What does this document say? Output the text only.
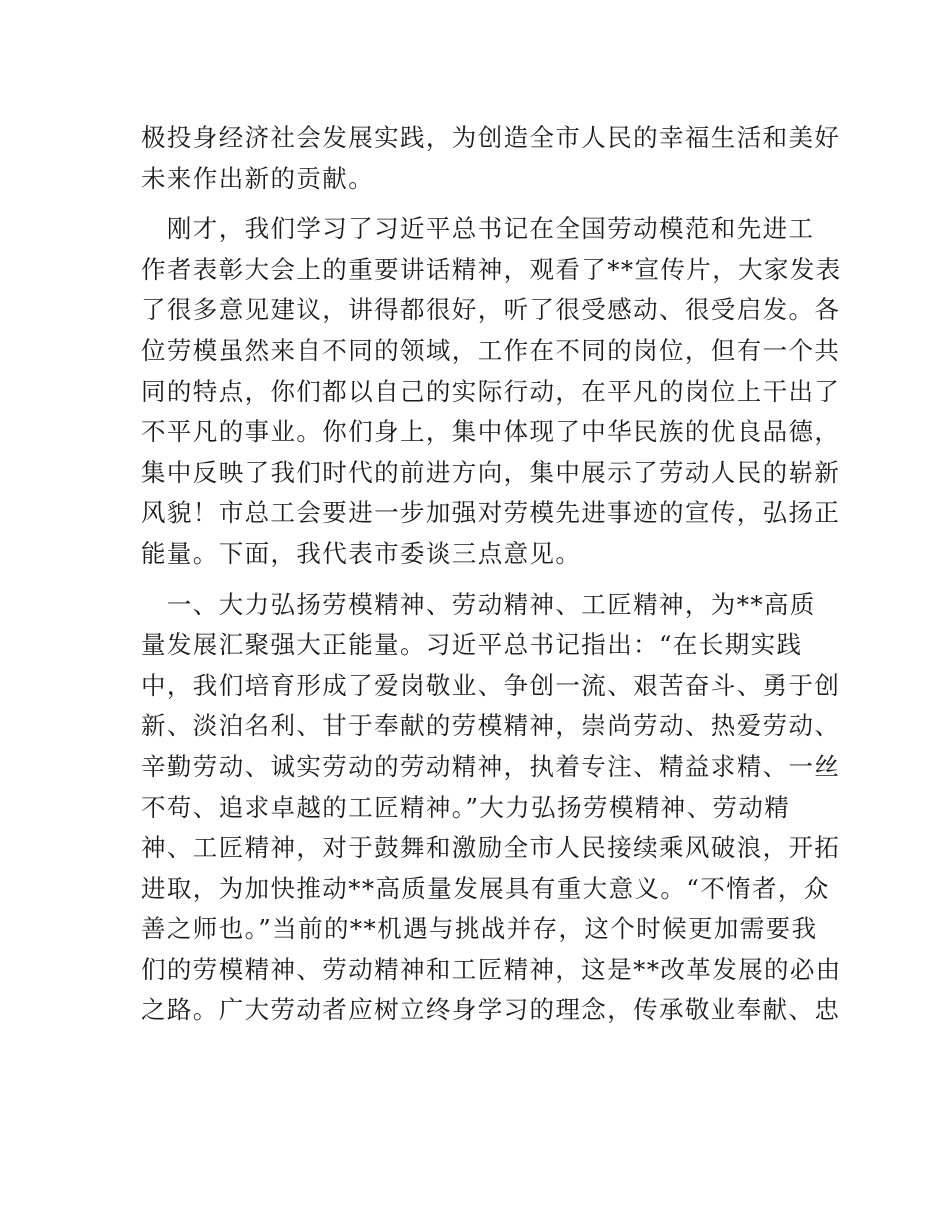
极投身经济社会发展实践，为创造全市人民的幸福生活和美好
未来作出新的贡献。
　刚才，我们学习了习近平总书记在全国劳动模范和先进工
作者表彰大会上的重要讲话精神，观看了**宣传片，大家发表
了很多意见建议，讲得都很好，听了很受感动、很受启发。各
位劳模虽然来自不同的领域，工作在不同的岗位，但有一个共
同的特点，你们都以自己的实际行动，在平凡的岗位上干出了
不平凡的事业。你们身上，集中体现了中华民族的优良品德，
集中反映了我们时代的前进方向，集中展示了劳动人民的崭新
风貌！市总工会要进一步加强对劳模先进事迹的宣传，弘扬正
能量。下面，我代表市委谈三点意见。
　一、大力弘扬劳模精神、劳动精神、工匠精神，为**高质
量发展汇聚强大正能量。习近平总书记指出：“在长期实践
中，我们培育形成了爱岗敬业、争创一流、艰苦奋斗、勇于创
新、淡泊名利、甘于奉献的劳模精神，崇尚劳动、热爱劳动、
辛勤劳动、诚实劳动的劳动精神，执着专注、精益求精、一丝
不苟、追求卓越的工匠精神。”大力弘扬劳模精神、劳动精
神、工匠精神，对于鼓舞和激励全市人民接续乘风破浪，开拓
进取，为加快推动**高质量发展具有重大意义。“不惰者，众
善之师也。”当前的**机遇与挑战并存，这个时候更加需要我
们的劳模精神、劳动精神和工匠精神，这是**改革发展的必由
之路。广大劳动者应树立终身学习的理念，传承敬业奉献、忠
